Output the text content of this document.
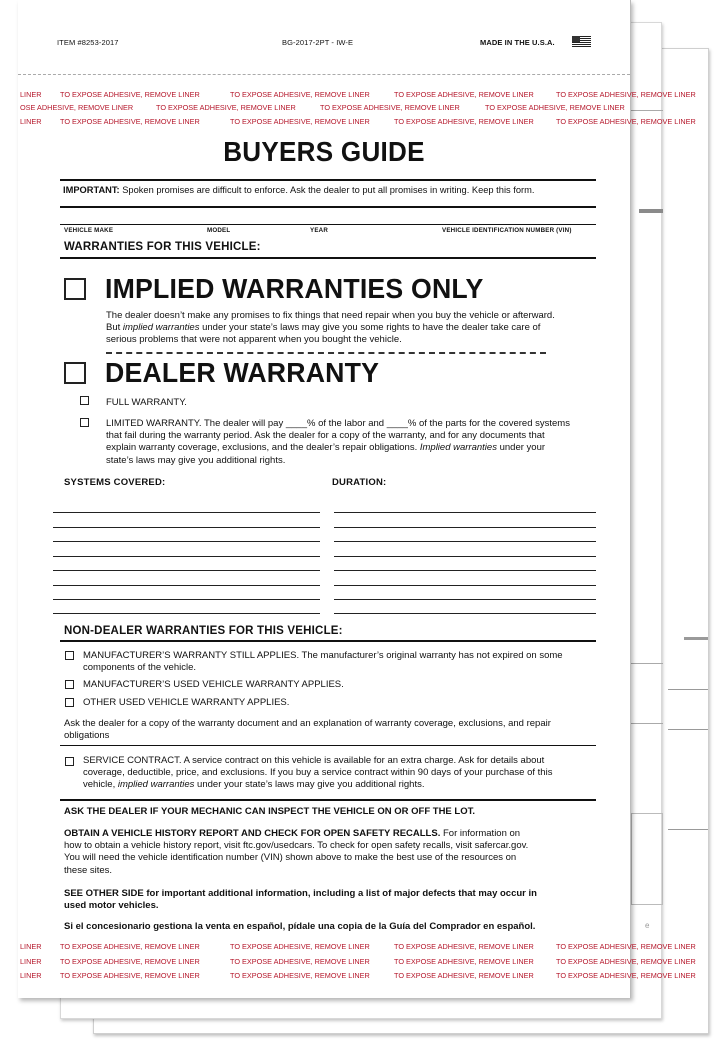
e
ITEM #8253-2017	BG-2017-2PT - IW-E	MADE IN THE U.S.A.
LINER	TO EXPOSE ADHESIVE, REMOVE LINER	TO EXPOSE ADHESIVE, REMOVE LINER	TO EXPOSE ADHESIVE, REMOVE LINER	TO EXPOSE ADHESIVE, REMOVE LINER
OSE ADHESIVE, REMOVE LINER	TO EXPOSE ADHESIVE, REMOVE LINER	TO EXPOSE ADHESIVE, REMOVE LINER	TO EXPOSE ADHESIVE, REMOVE LINER
LINER	TO EXPOSE ADHESIVE, REMOVE LINER	TO EXPOSE ADHESIVE, REMOVE LINER	TO EXPOSE ADHESIVE, REMOVE LINER	TO EXPOSE ADHESIVE, REMOVE LINER
BUYERS GUIDE
IMPORTANT: Spoken promises are difficult to enforce. Ask the dealer to put all promises in writing. Keep this form.
VEHICLE MAKE	MODEL	YEAR	VEHICLE IDENTIFICATION NUMBER (VIN)
WARRANTIES FOR THIS VEHICLE:
IMPLIED WARRANTIES ONLY
The dealer doesn’t make any promises to fix things that need repair when you buy the vehicle or afterward.
But implied warranties under your state’s laws may give you some rights to have the dealer take care of
serious problems that were not apparent when you bought the vehicle.
DEALER WARRANTY
FULL WARRANTY.
LIMITED WARRANTY. The dealer will pay ____% of the labor and ____% of the parts for the covered systems
that fail during the warranty period. Ask the dealer for a copy of the warranty, and for any documents that
explain warranty coverage, exclusions, and the dealer’s repair obligations. Implied warranties under your
state’s laws may give you additional rights.
SYSTEMS COVERED:	DURATION:
NON-DEALER WARRANTIES FOR THIS VEHICLE:
MANUFACTURER’S WARRANTY STILL APPLIES. The manufacturer’s original warranty has not expired on some
components of the vehicle.
MANUFACTURER’S USED VEHICLE WARRANTY APPLIES.
OTHER USED VEHICLE WARRANTY APPLIES.
Ask the dealer for a copy of the warranty document and an explanation of warranty coverage, exclusions, and repair
obligations
SERVICE CONTRACT. A service contract on this vehicle is available for an extra charge. Ask for details about
coverage, deductible, price, and exclusions. If you buy a service contract within 90 days of your purchase of this
vehicle, implied warranties under your state’s laws may give you additional rights.
ASK THE DEALER IF YOUR MECHANIC CAN INSPECT THE VEHICLE ON OR OFF THE LOT.
OBTAIN A VEHICLE HISTORY REPORT AND CHECK FOR OPEN SAFETY RECALLS. For information on
how to obtain a vehicle history report, visit ftc.gov/usedcars. To check for open safety recalls, visit safercar.gov.
You will need the vehicle identification number (VIN) shown above to make the best use of the resources on
these sites.
SEE OTHER SIDE for important additional information, including a list of major defects that may occur in
used motor vehicles.
Si el concesionario gestiona la venta en español, pídale una copia de la Guía del Comprador en español.
LINER	TO EXPOSE ADHESIVE, REMOVE LINER	TO EXPOSE ADHESIVE, REMOVE LINER	TO EXPOSE ADHESIVE, REMOVE LINER	TO EXPOSE ADHESIVE, REMOVE LINER
LINER	TO EXPOSE ADHESIVE, REMOVE LINER	TO EXPOSE ADHESIVE, REMOVE LINER	TO EXPOSE ADHESIVE, REMOVE LINER	TO EXPOSE ADHESIVE, REMOVE LINER
LINER	TO EXPOSE ADHESIVE, REMOVE LINER	TO EXPOSE ADHESIVE, REMOVE LINER	TO EXPOSE ADHESIVE, REMOVE LINER	TO EXPOSE ADHESIVE, REMOVE LINER
